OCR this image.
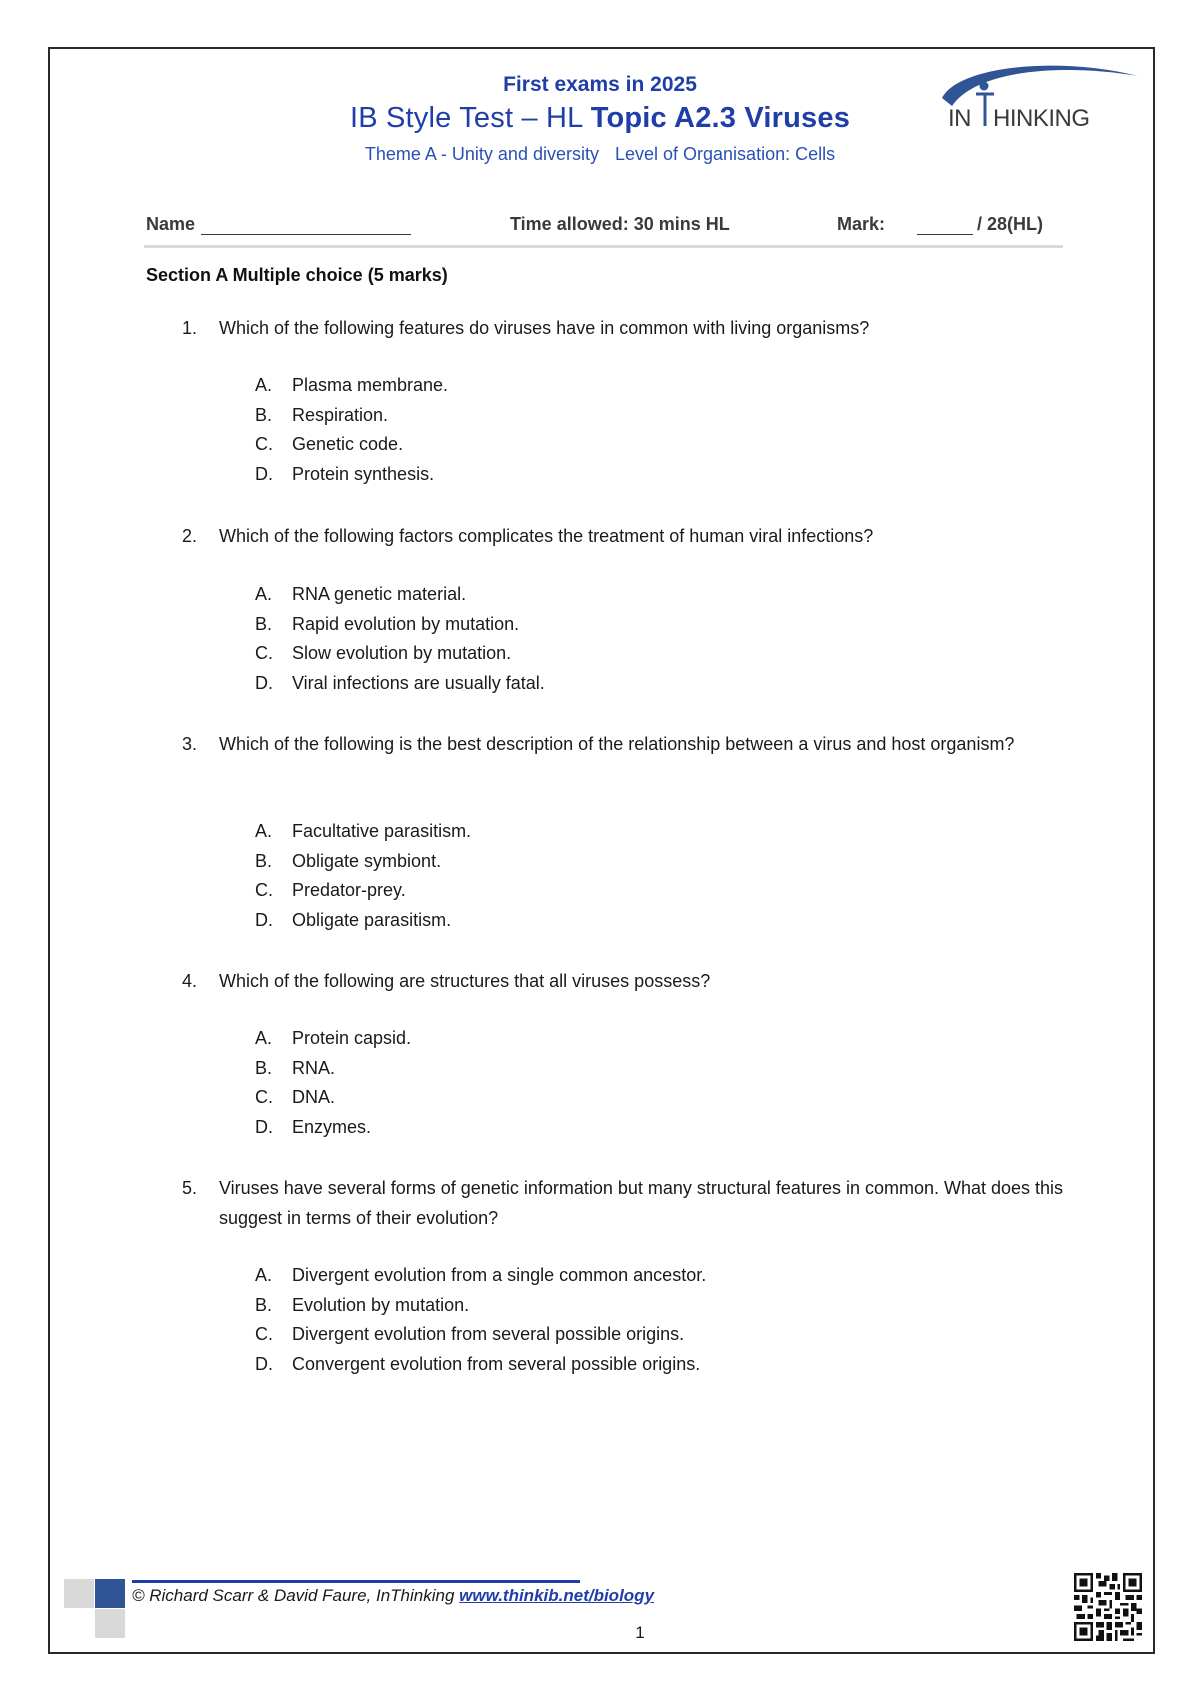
First exams in 2025
IB Style Test – HL Topic A2.3 Viruses
Theme A - Unity and diversity Level of Organisation: Cells
IN HINKING
Name	Time allowed: 30 mins HL	Mark:	/ 28(HL)
Section A Multiple choice (5 marks)
1. Which of the following features do viruses have in common with living organisms?
A. Plasma membrane.
B. Respiration.
C. Genetic code.
D. Protein synthesis.
2. Which of the following factors complicates the treatment of human viral infections?
A. RNA genetic material.
B. Rapid evolution by mutation.
C. Slow evolution by mutation.
D. Viral infections are usually fatal.
3. Which of the following is the best description of the relationship between a virus and host organism?
A. Facultative parasitism.
B. Obligate symbiont.
C. Predator-prey.
D. Obligate parasitism.
4. Which of the following are structures that all viruses possess?
A. Protein capsid.
B. RNA.
C. DNA.
D. Enzymes.
5. Viruses have several forms of genetic information but many structural features in common. What does this suggest in terms of their evolution?
A. Divergent evolution from a single common ancestor.
B. Evolution by mutation.
C. Divergent evolution from several possible origins.
D. Convergent evolution from several possible origins.
© Richard Scarr & David Faure, InThinking www.thinkib.net/biology
1
